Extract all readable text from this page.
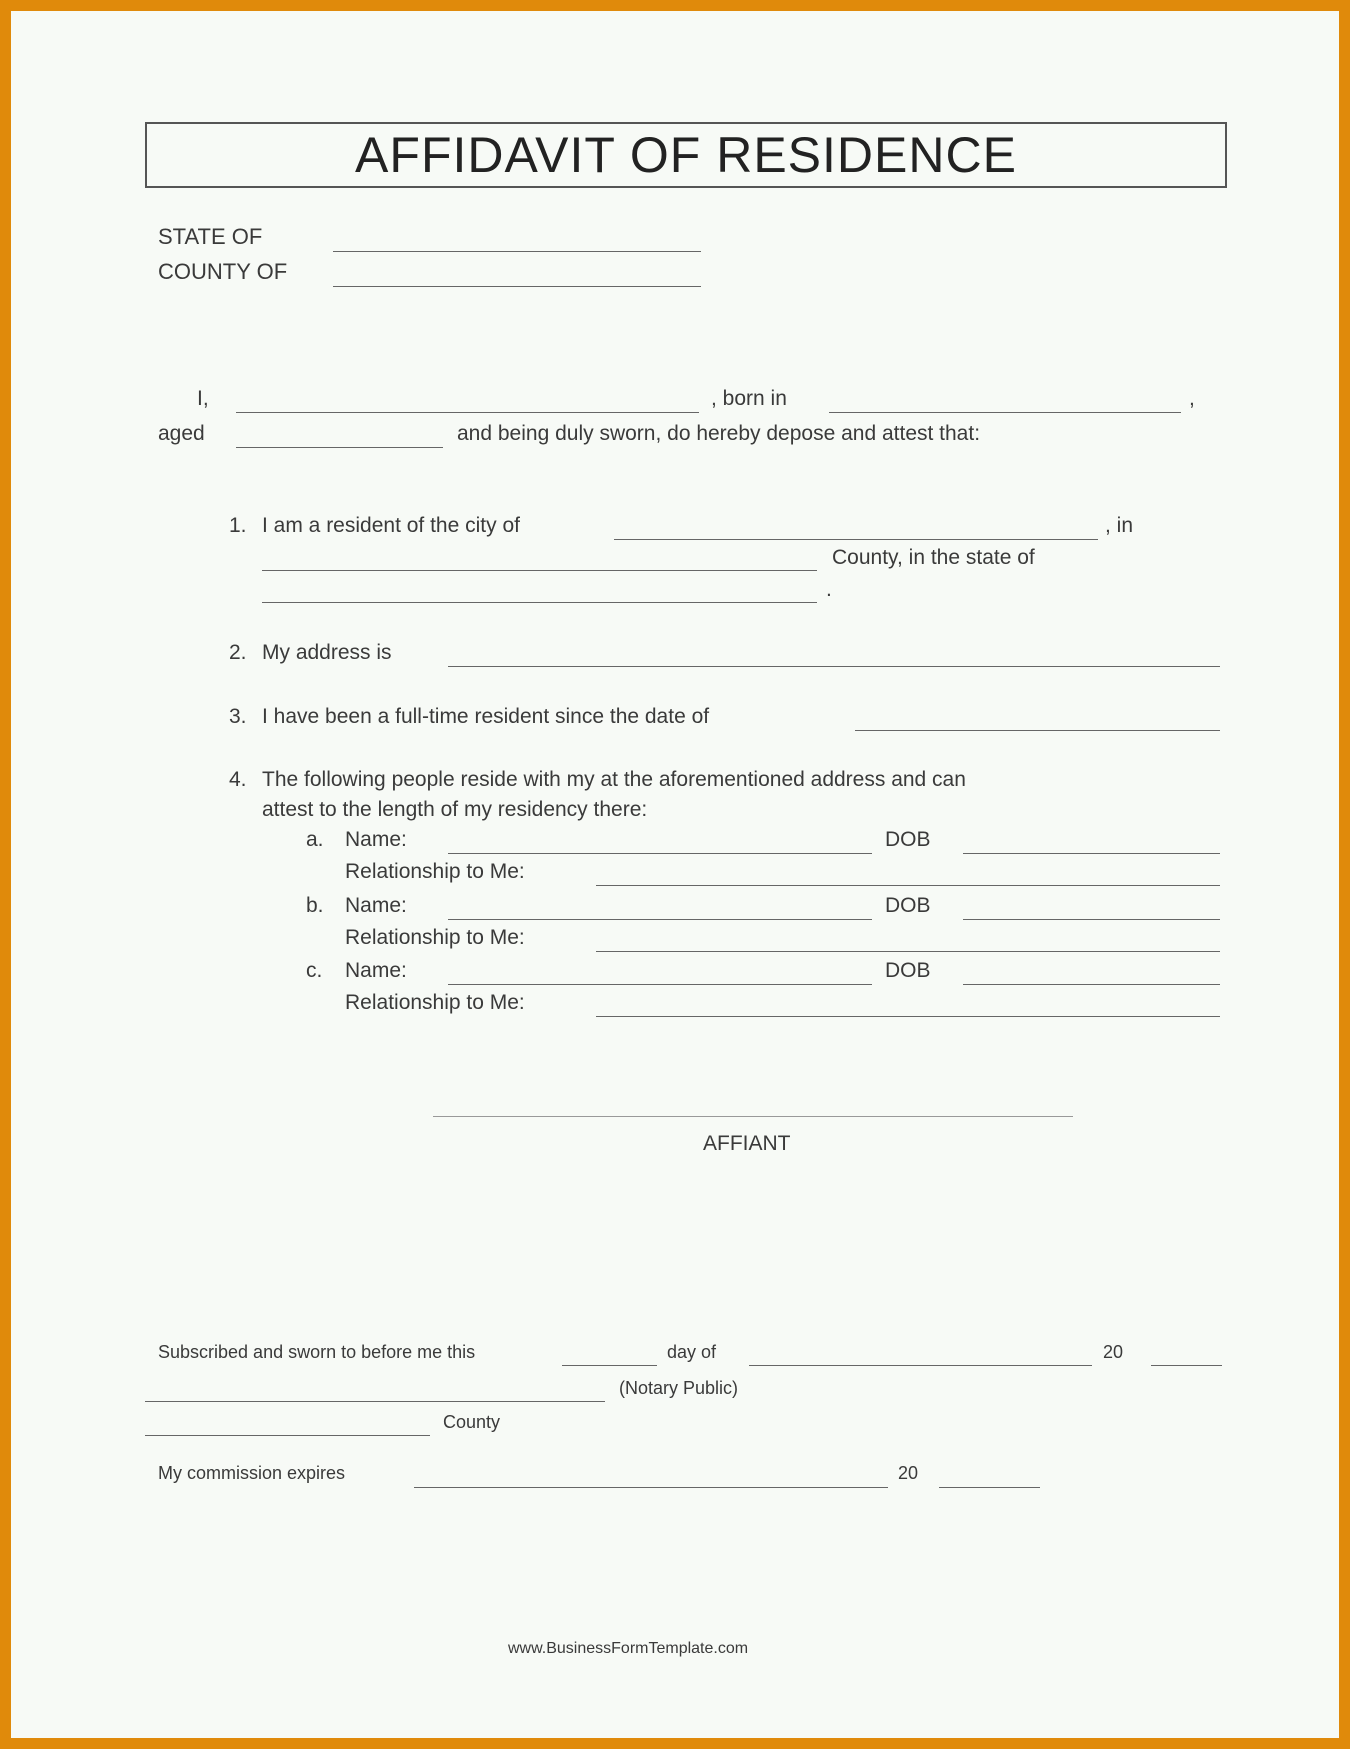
AFFIDAVIT OF RESIDENCE
STATE OF
COUNTY OF
I,	, born in	,
aged	and being duly sworn, do hereby depose and attest that:
1. I am a resident of the city of	, in
County, in the state of
.
2. My address is
3. I have been a full-time resident since the date of
4. The following people reside with my at the aforementioned address and can
attest to the length of my residency there:
a. Name:	DOB
Relationship to Me:
b. Name:	DOB
Relationship to Me:
c. Name:	DOB
Relationship to Me:
AFFIANT
Subscribed and sworn to before me this	day of	20
(Notary Public)
County
My commission expires	20
www.BusinessFormTemplate.com
